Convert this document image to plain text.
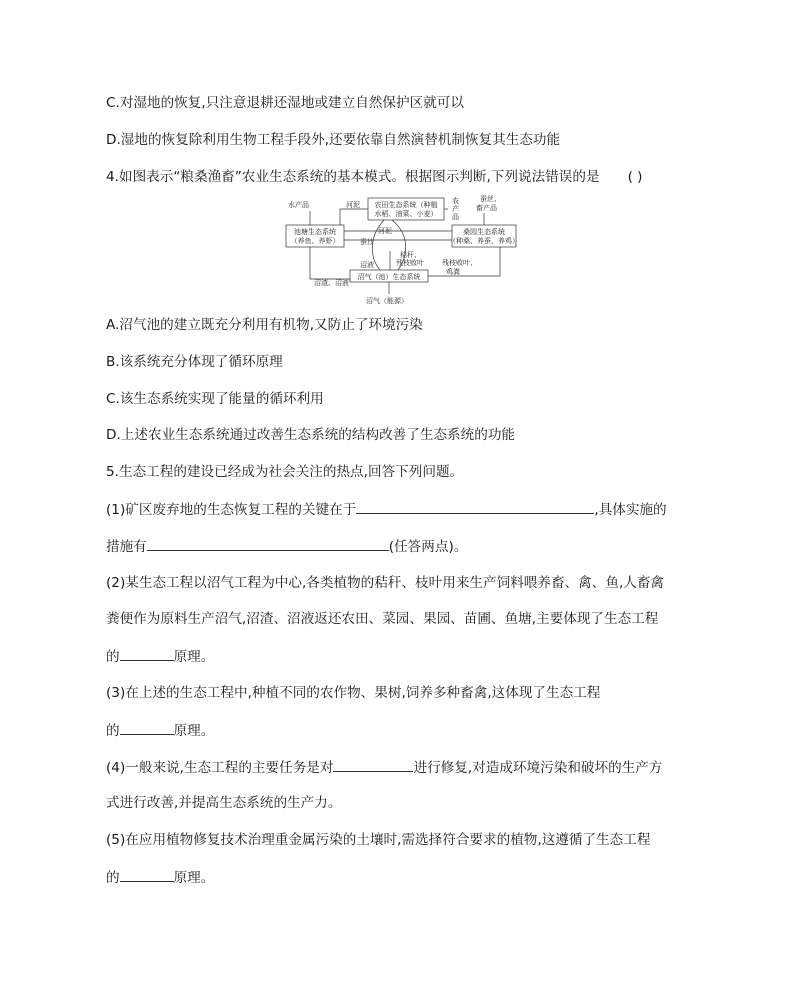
C.对湿地的恢复,只注意退耕还湿地或建立自然保护区就可以
D.湿地的恢复除利用生物工程手段外,还要依靠自然演替机制恢复其生态功能
4.如图表示“粮桑渔畜”农业生态系统的基本模式。根据图示判断,下列说法错误的是 ( )
农田生态系统（种植
水稻、油菜、小麦）
池塘生态系统
（养鱼、养虾）
桑园生态系统
（种桑、养蚕、养鸡）
沼气（池）生态系统
水产品	农
产
品
蚕丝、
畜产品
河泥
河泥
蚕沙
沼液
秸秆、
残枝败叶	残枝败叶、
鸡粪
沼渣、沼液
沼气（能源）
A.沼气池的建立既充分利用有机物,又防止了环境污染
B.该系统充分体现了循环原理
C.该生态系统实现了能量的循环利用
D.上述农业生态系统通过改善生态系统的结构改善了生态系统的功能
5.生态工程的建设已经成为社会关注的热点,回答下列问题。
(1)矿区废弃地的生态恢复工程的关键在于	,具体实施的
措施有	(任答两点)。
(2)某生态工程以沼气工程为中心,各类植物的秸秆、枝叶用来生产饲料喂养畜、禽、鱼,人畜禽
粪便作为原料生产沼气,沼渣、沼液返还农田、菜园、果园、苗圃、鱼塘,主要体现了生态工程
的	原理。
(3)在上述的生态工程中,种植不同的农作物、果树,饲养多种畜禽,这体现了生态工程
的	原理。
(4)一般来说,生态工程的主要任务是对	进行修复,对造成环境污染和破坏的生产方
式进行改善,并提高生态系统的生产力。
(5)在应用植物修复技术治理重金属污染的土壤时,需选择符合要求的植物,这遵循了生态工程
的	原理。
